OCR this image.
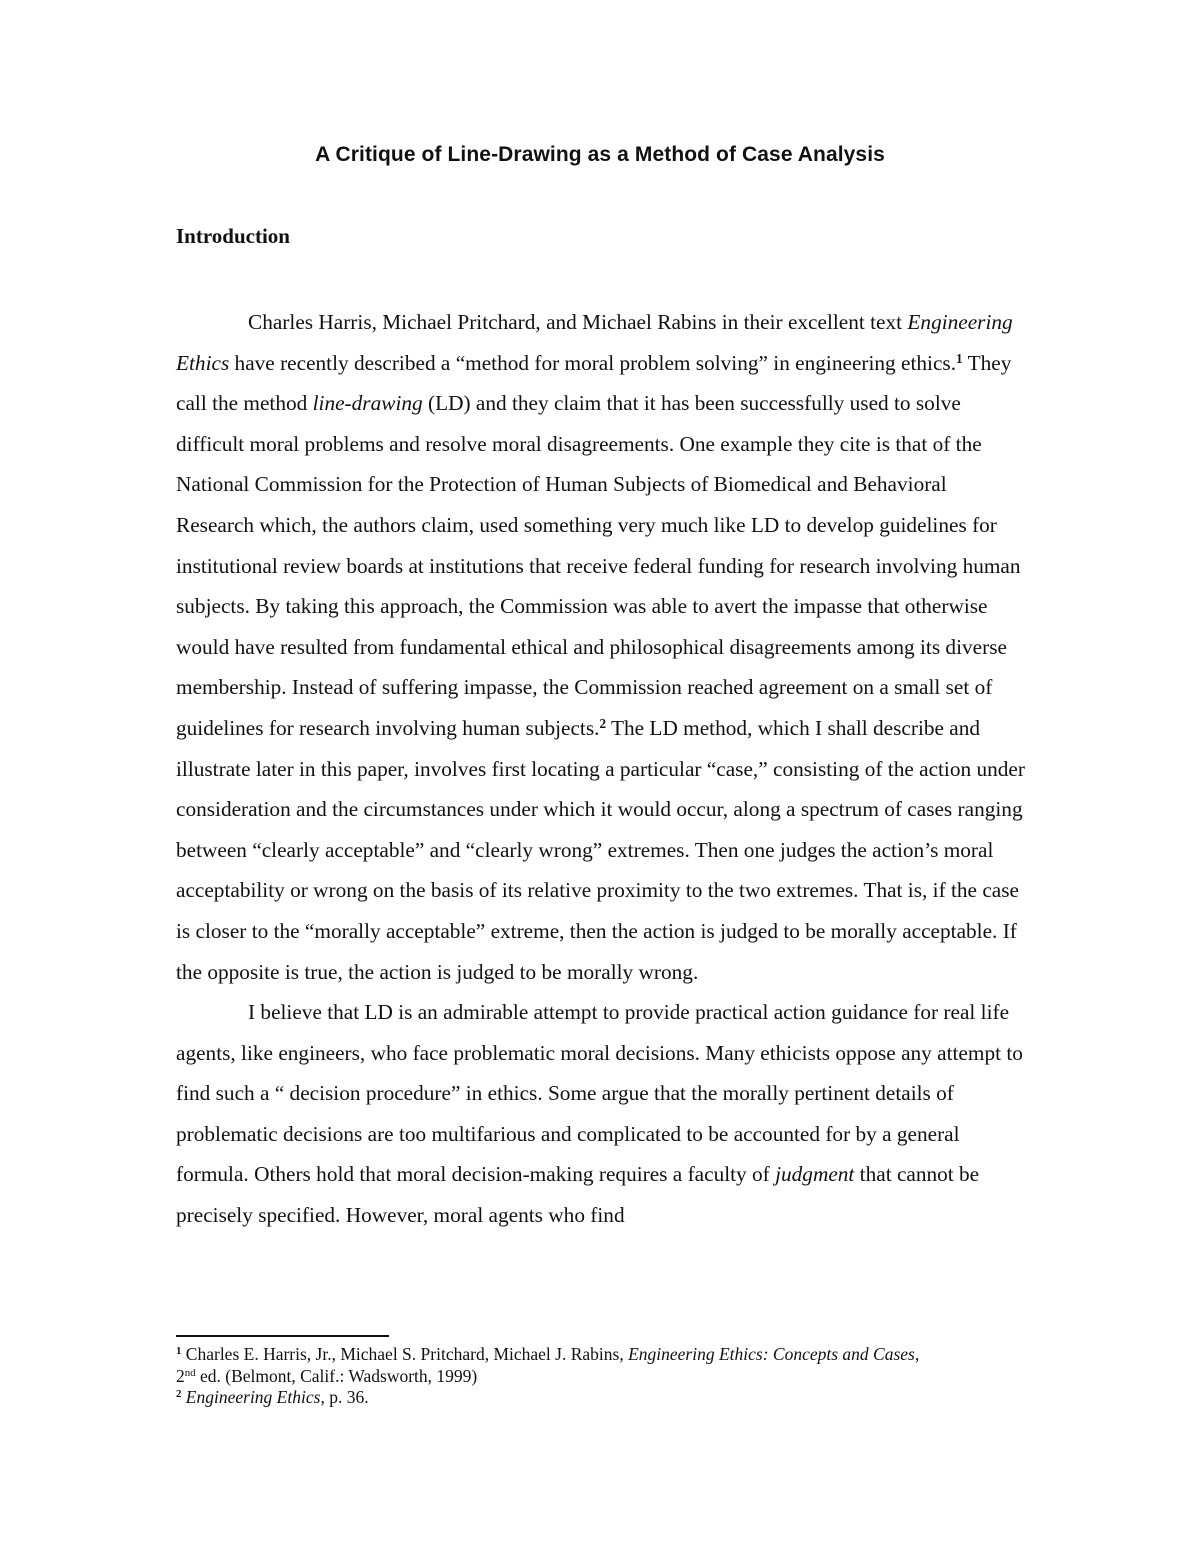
A Critique of Line-Drawing as a Method of Case Analysis
Introduction

Charles Harris, Michael Pritchard, and Michael Rabins in their excellent text Engineering Ethics have recently described a “method for moral problem solving” in engineering ethics.$^1$ They call the method line-drawing (LD) and they claim that it has been successfully used to solve difficult moral problems and resolve moral disagreements. One example they cite is that of the National Commission for the Protection of Human Subjects of Biomedical and Behavioral Research which, the authors claim, used something very much like LD to develop guidelines for institutional review boards at institutions that receive federal funding for research involving human subjects. By taking this approach, the Commission was able to avert the impasse that otherwise would have resulted from fundamental ethical and philosophical disagreements among its diverse membership. Instead of suffering impasse, the Commission reached agreement on a small set of guidelines for research involving human subjects.$^2$ The LD method, which I shall describe and illustrate later in this paper, involves first locating a particular “case,” consisting of the action under consideration and the circumstances under which it would occur, along a spectrum of cases ranging between “clearly acceptable” and “clearly wrong” extremes. Then one judges the action’s moral acceptability or wrong on the basis of its relative proximity to the two extremes. That is, if the case is closer to the “morally acceptable” extreme, then the action is judged to be morally acceptable. If the opposite is true, the action is judged to be morally wrong.

I believe that LD is an admirable attempt to provide practical action guidance for real life agents, like engineers, who face problematic moral decisions. Many ethicists oppose any attempt to find such a “ decision procedure” in ethics. Some argue that the morally pertinent details of problematic decisions are too multifarious and complicated to be accounted for by a general formula. Others hold that moral decision-making requires a faculty of judgment that cannot be precisely specified. However, moral agents who find

$^1$ Charles E. Harris, Jr., Michael S. Pritchard, Michael J. Rabins, Engineering Ethics: Concepts and Cases,
2nd ed. (Belmont, Calif.: Wadsworth, 1999)

$^2$ Engineering Ethics, p. 36.
